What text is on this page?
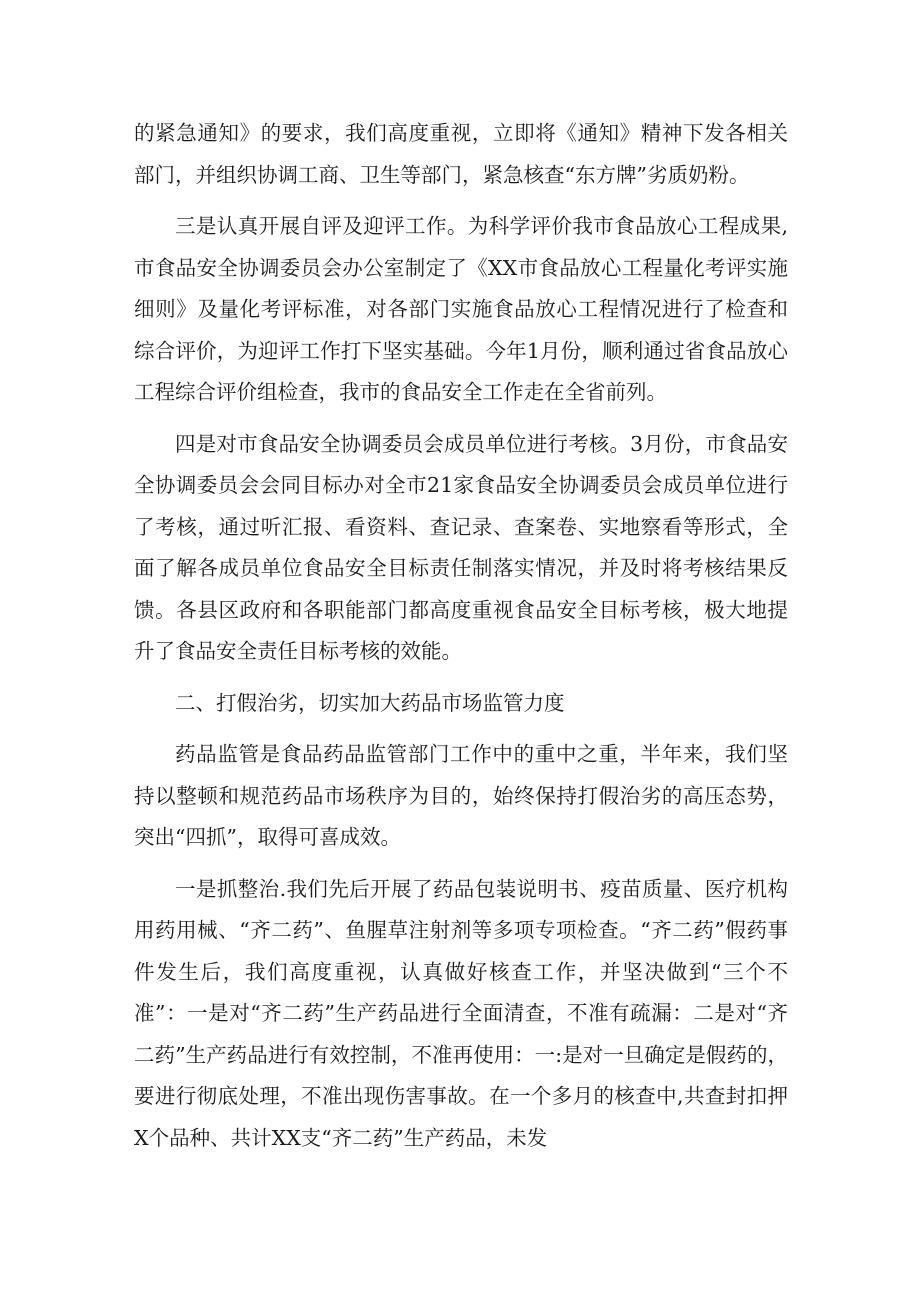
的紧急通知》的要求，我们高度重视，立即将《通知》精神下发各相关部门，并组织协调工商、卫生等部门，紧急核查“东方牌”劣质奶粉。

三是认真开展自评及迎评工作。为科学评价我市食品放心工程成果,市食品安全协调委员会办公室制定了《XX市食品放心工程量化考评实施细则》及量化考评标准，对各部门实施食品放心工程情况进行了检查和综合评价，为迎评工作打下坚实基础。今年1月份，顺利通过省食品放心工程综合评价组检查，我市的食品安全工作走在全省前列。

四是对市食品安全协调委员会成员单位进行考核。3月份，市食品安全协调委员会会同目标办对全市21家食品安全协调委员会成员单位进行了考核，通过听汇报、看资料、查记录、查案卷、实地察看等形式，全面了解各成员单位食品安全目标责任制落实情况，并及时将考核结果反馈。各县区政府和各职能部门都高度重视食品安全目标考核，极大地提升了食品安全责任目标考核的效能。

二、打假治劣，切实加大药品市场监管力度

药品监管是食品药品监管部门工作中的重中之重，半年来，我们坚持以整顿和规范药品市场秩序为目的，始终保持打假治劣的高压态势，突出“四抓”，取得可喜成效。

一是抓整治.我们先后开展了药品包装说明书、疫苗质量、医疗机构用药用械、“齐二药”、鱼腥草注射剂等多项专项检查。“齐二药”假药事件发生后，我们高度重视，认真做好核查工作，并坚决做到“三个不准”：一是对“齐二药”生产药品进行全面清查，不准有疏漏：二是对“齐二药”生产药品进行有效控制，不准再使用：一:是对一旦确定是假药的，要进行彻底处理，不准出现伤害事故。在一个多月的核查中,共查封扣押X个品种、共计XX支“齐二药”生产药品，未发
